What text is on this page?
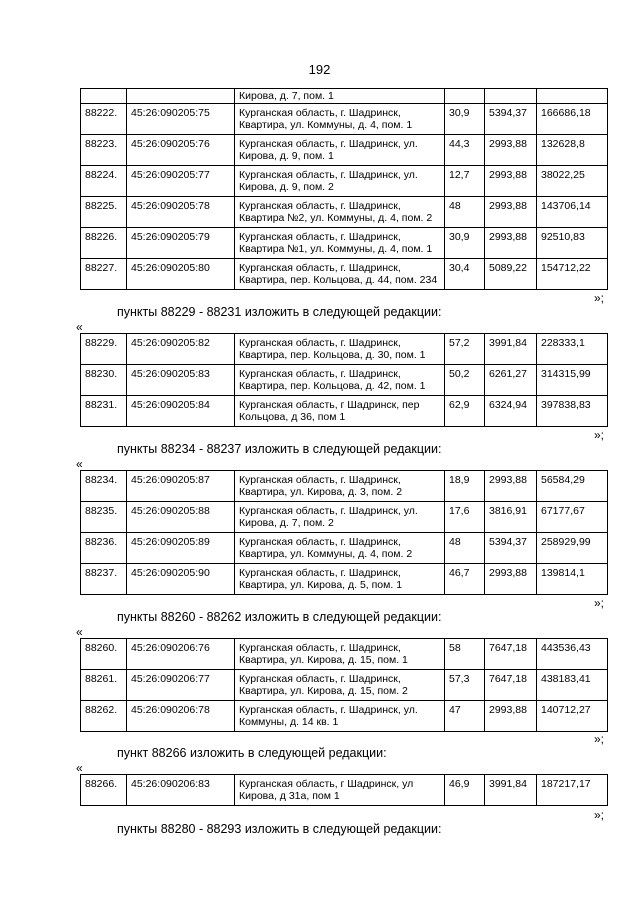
192
		Кирова, д. 7, пом. 1			
88222.	45:26:090205:75	Курганская область, г. Шадринск, Квартира, ул. Коммуны, д. 4, пом. 1	30,9	5394,37	166686,18
88223.	45:26:090205:76	Курганская область, г. Шадринск, ул. Кирова, д. 9, пом. 1	44,3	2993,88	132628,8
88224.	45:26:090205:77	Курганская область, г. Шадринск, ул. Кирова, д. 9, пом. 2	12,7	2993,88	38022,25
88225.	45:26:090205:78	Курганская область, г. Шадринск, Квартира №2, ул. Коммуны, д. 4, пом. 2	48	2993,88	143706,14
88226.	45:26:090205:79	Курганская область, г. Шадринск, Квартира №1, ул. Коммуны, д. 4, пом. 1	30,9	2993,88	92510,83
88227.	45:26:090205:80	Курганская область, г. Шадринск, Квартира, пер. Кольцова, д. 44, пом. 234	30,4	5089,22	154712,22
»;
пункты 88229 - 88231 изложить в следующей редакции:
«
88229.	45:26:090205:82	Курганская область, г. Шадринск, Квартира, пер. Кольцова, д. 30, пом. 1	57,2	3991,84	228333,1
88230.	45:26:090205:83	Курганская область, г. Шадринск, Квартира, пер. Кольцова, д. 42, пом. 1	50,2	6261,27	314315,99
88231.	45:26:090205:84	Курганская область, г Шадринск, пер Кольцова, д 36, пом 1	62,9	6324,94	397838,83
»;
пункты 88234 - 88237 изложить в следующей редакции:
«
88234.	45:26:090205:87	Курганская область, г. Шадринск, Квартира, ул. Кирова, д. 3, пом. 2	18,9	2993,88	56584,29
88235.	45:26:090205:88	Курганская область, г. Шадринск, ул. Кирова, д. 7, пом. 2	17,6	3816,91	67177,67
88236.	45:26:090205:89	Курганская область, г. Шадринск, Квартира, ул. Коммуны, д. 4, пом. 2	48	5394,37	258929,99
88237.	45:26:090205:90	Курганская область, г. Шадринск, Квартира, ул. Кирова, д. 5, пом. 1	46,7	2993,88	139814,1
»;
пункты 88260 - 88262 изложить в следующей редакции:
«
88260.	45:26:090206:76	Курганская область, г. Шадринск, Квартира, ул. Кирова, д. 15, пом. 1	58	7647,18	443536,43
88261.	45:26:090206:77	Курганская область, г. Шадринск, Квартира, ул. Кирова, д. 15, пом. 2	57,3	7647,18	438183,41
88262.	45:26:090206:78	Курганская область, г. Шадринск, ул. Коммуны, д. 14 кв. 1	47	2993,88	140712,27
»;
пункт 88266 изложить в следующей редакции:
«
88266.	45:26:090206:83	Курганская область, г Шадринск, ул Кирова, д 31а, пом 1	46,9	3991,84	187217,17
»;
пункты 88280 - 88293 изложить в следующей редакции:
